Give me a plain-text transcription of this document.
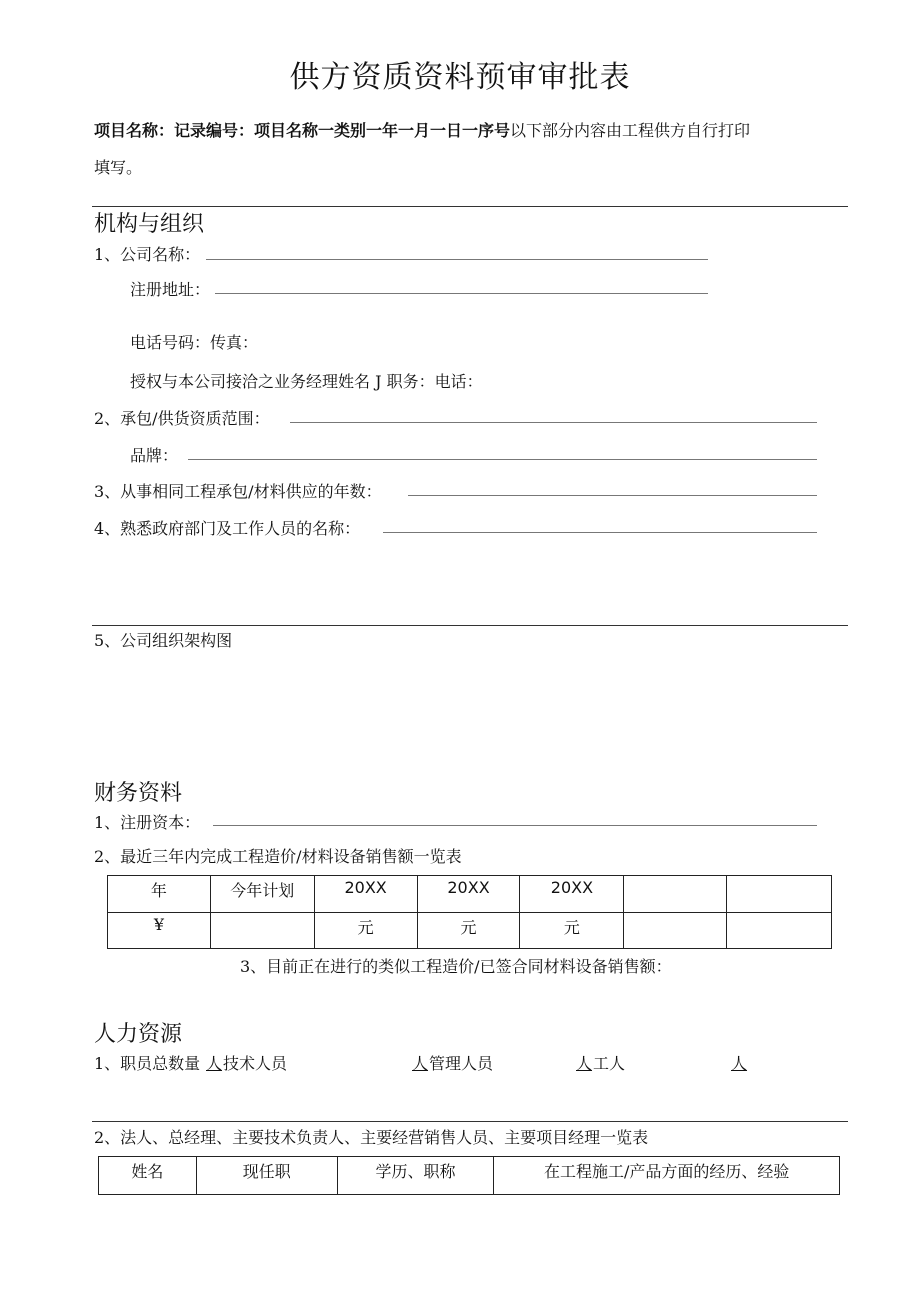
供方资质资料预审审批表
项目名称：记录编号：项目名称一类别一年一月一日一序号以下部分内容由工程供方自行打印
填写。
机构与组织
1、公司名称：
注册地址：
电话号码：传真：
授权与本公司接洽之业务经理姓名 J 职务：电话：
2、承包/供货资质范围：
品牌：
3、从事相同工程承包/材料供应的年数：
4、熟悉政府部门及工作人员的名称：
5、公司组织架构图
财务资料
1、注册资本：
2、最近三年内完成工程造价/材料设备销售额一览表
年	今年计划	20XX	20XX	20XX		
¥		元	元	元		
3、目前正在进行的类似工程造价/已签合同材料设备销售额：
人力资源
1、职员总数量 人 技术人员	人 管理人员	人 工人	人
2、法人、总经理、主要技术负责人、主要经营销售人员、主要项目经理一览表
姓名	现任职	学历、职称	在工程施工/产品方面的经历、经验
